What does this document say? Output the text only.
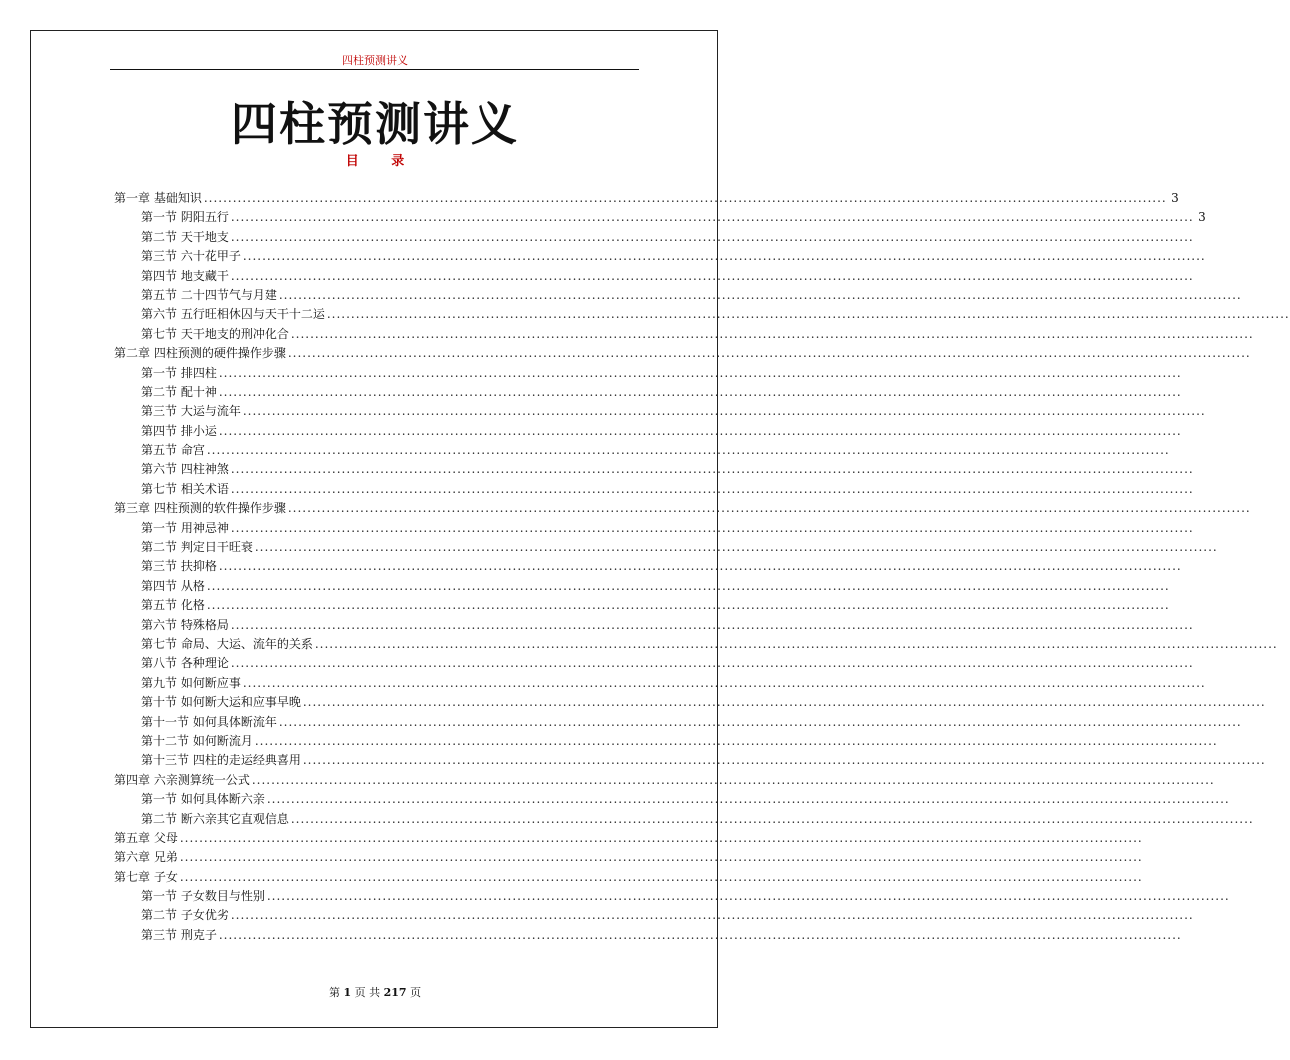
四柱预测讲义
四柱预测讲义
目 录
第一章 基础知识 ........................................................................................................................................................................................................ 3
第一节 阴阳五行 ........................................................................................................................................................................................................ 3
第二节 天干地支 ........................................................................................................................................................................................................
第三节 六十花甲子 ........................................................................................................................................................................................................
第四节 地支藏干 ........................................................................................................................................................................................................
第五节 二十四节气与月建 ........................................................................................................................................................................................................
第六节 五行旺相休囚与天干十二运 ........................................................................................................................................................................................................
第七节 天干地支的刑冲化合 ........................................................................................................................................................................................................
第二章 四柱预测的硬件操作步骤 ........................................................................................................................................................................................................
第一节 排四柱 ........................................................................................................................................................................................................
第二节 配十神 ........................................................................................................................................................................................................
第三节 大运与流年 ........................................................................................................................................................................................................
第四节 排小运 ........................................................................................................................................................................................................
第五节 命宫 ........................................................................................................................................................................................................
第六节 四柱神煞 ........................................................................................................................................................................................................
第七节 相关术语 ........................................................................................................................................................................................................
第三章 四柱预测的软件操作步骤 ........................................................................................................................................................................................................
第一节 用神忌神 ........................................................................................................................................................................................................
第二节 判定日干旺衰 ........................................................................................................................................................................................................
第三节 扶抑格 ........................................................................................................................................................................................................
第四节 从格 ........................................................................................................................................................................................................
第五节 化格 ........................................................................................................................................................................................................
第六节 特殊格局 ........................................................................................................................................................................................................
第七节 命局、大运、流年的关系 ........................................................................................................................................................................................................
第八节 各种理论 ........................................................................................................................................................................................................
第九节 如何断应事 ........................................................................................................................................................................................................
第十节 如何断大运和应事早晚 ........................................................................................................................................................................................................
第十一节 如何具体断流年 ........................................................................................................................................................................................................
第十二节 如何断流月 ........................................................................................................................................................................................................
第十三节 四柱的走运经典喜用 ........................................................................................................................................................................................................
第四章 六亲测算统一公式 ........................................................................................................................................................................................................
第一节 如何具体断六亲 ........................................................................................................................................................................................................
第二节 断六亲其它直观信息 ........................................................................................................................................................................................................
第五章 父母 ........................................................................................................................................................................................................
第六章 兄弟 ........................................................................................................................................................................................................
第七章 子女 ........................................................................................................................................................................................................
第一节 子女数目与性别 ........................................................................................................................................................................................................
第二节 子女优劣 ........................................................................................................................................................................................................
第三节 刑克子 ........................................................................................................................................................................................................
第 1 页 共 217 页
